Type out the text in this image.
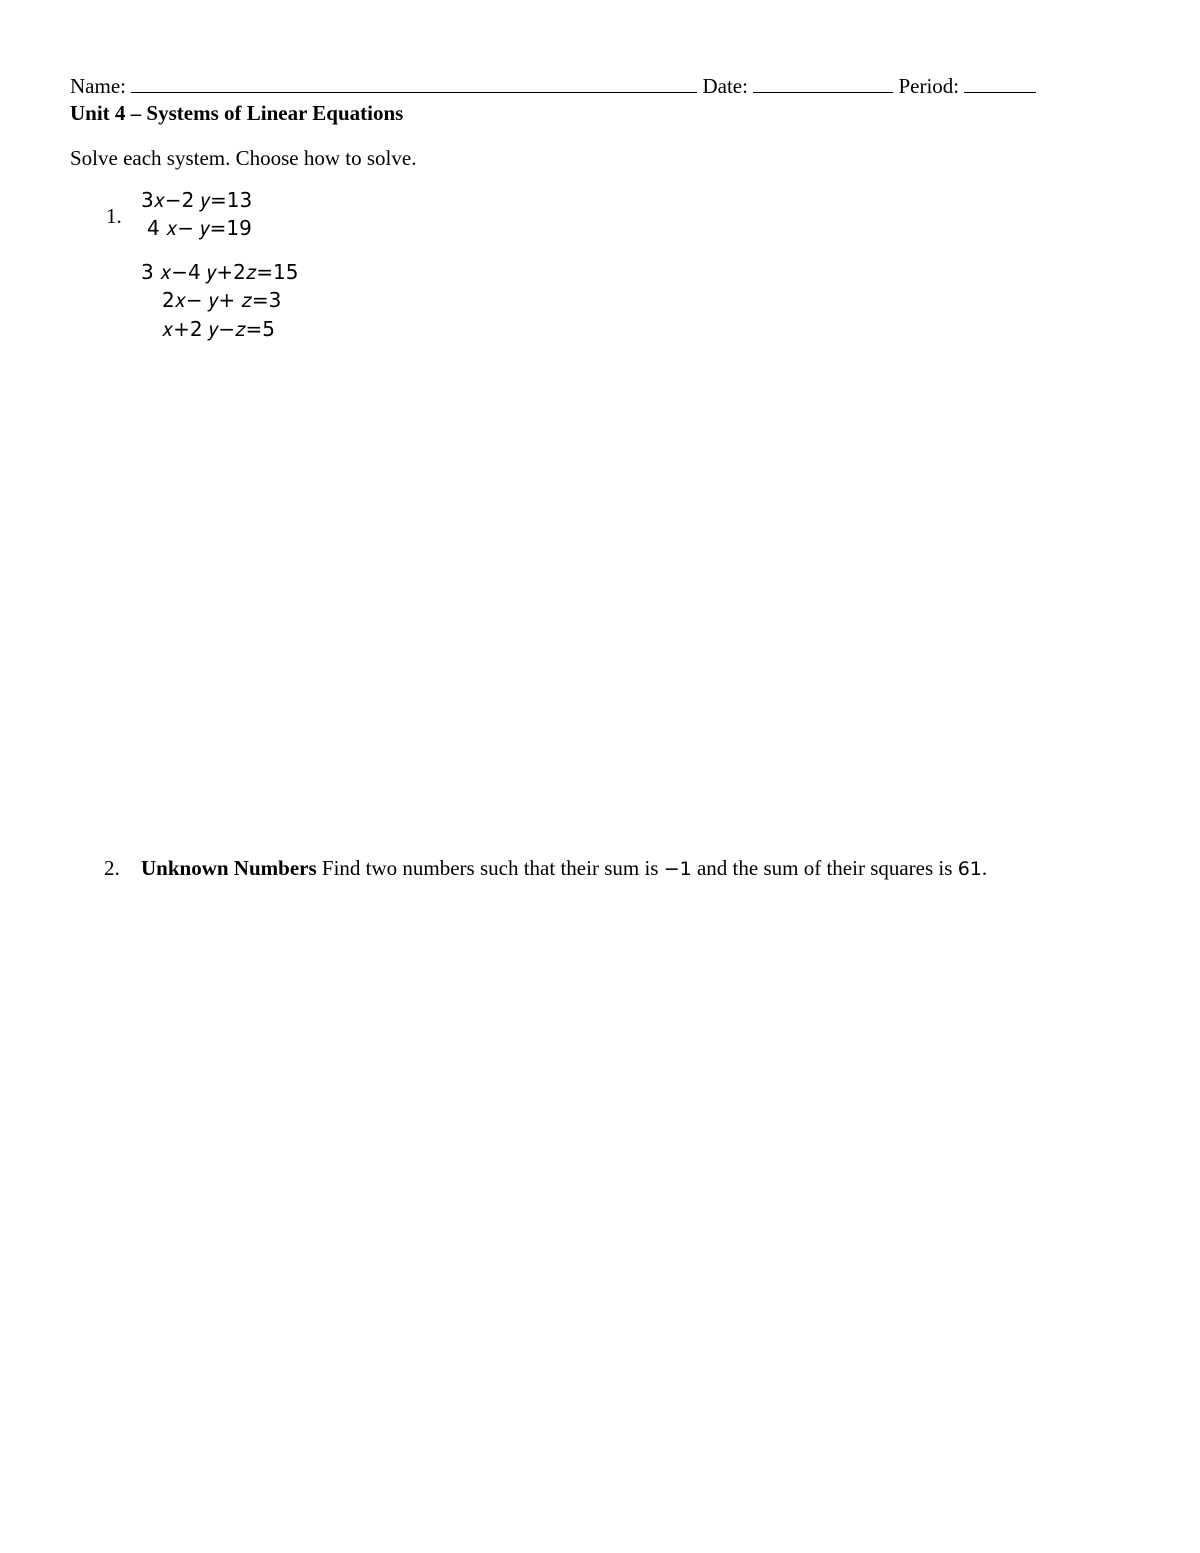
Name:	Date:	Period:
Unit 4 – Systems of Linear Equations
Solve each system. Choose how to solve.
1.
3𝑥−2 𝑦=13
4 𝑥− 𝑦=19
3 𝑥−4 𝑦+2𝑧=15
2𝑥− 𝑦+ 𝑧=3
𝑥+2 𝑦−𝑧=5
2. Unknown Numbers Find two numbers such that their sum is −1 and the sum of their squares is 61.
